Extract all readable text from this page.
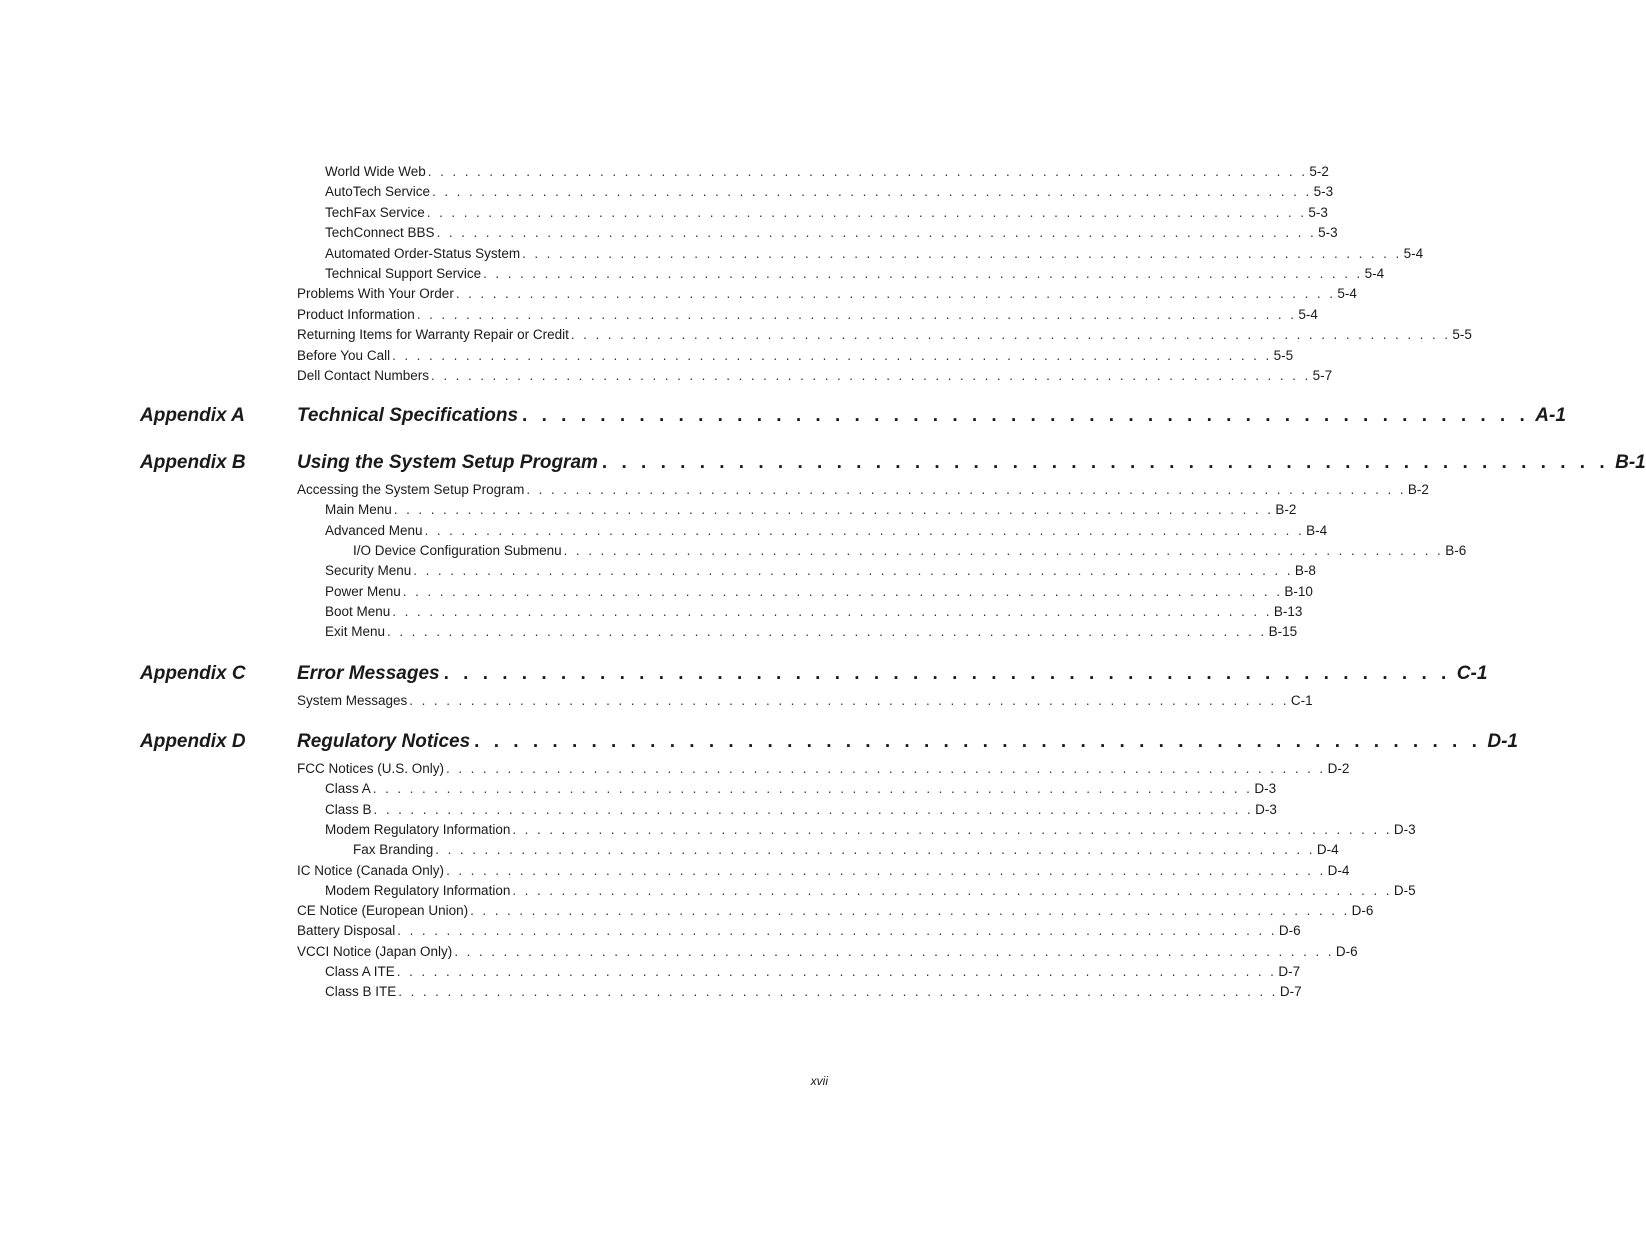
World Wide Web . . . . . . . . . . . . . . . . . . . . . . . . . . . . . . . . . . . . . . . . . . . . . . . . . . . . . . . . . . . . . . . . . . . . . . . . 5-2
AutoTech Service . . . . . . . . . . . . . . . . . . . . . . . . . . . . . . . . . . . . . . . . . . . . . . . . . . . . . . . . . . . . . . . . . . . . . . . . 5-3
TechFax Service . . . . . . . . . . . . . . . . . . . . . . . . . . . . . . . . . . . . . . . . . . . . . . . . . . . . . . . . . . . . . . . . . . . . . . . . 5-3
TechConnect BBS . . . . . . . . . . . . . . . . . . . . . . . . . . . . . . . . . . . . . . . . . . . . . . . . . . . . . . . . . . . . . . . . . . . . . . . . 5-3
Automated Order-Status System . . . . . . . . . . . . . . . . . . . . . . . . . . . . . . . . . . . . . . . . . . . . . . . . . . . . . . . . . . . . . . . . . . . . . . . . 5-4
Technical Support Service . . . . . . . . . . . . . . . . . . . . . . . . . . . . . . . . . . . . . . . . . . . . . . . . . . . . . . . . . . . . . . . . . . . . . . . . 5-4
Problems With Your Order . . . . . . . . . . . . . . . . . . . . . . . . . . . . . . . . . . . . . . . . . . . . . . . . . . . . . . . . . . . . . . . . . . . . . . . . 5-4
Product Information . . . . . . . . . . . . . . . . . . . . . . . . . . . . . . . . . . . . . . . . . . . . . . . . . . . . . . . . . . . . . . . . . . . . . . . . 5-4
Returning Items for Warranty Repair or Credit . . . . . . . . . . . . . . . . . . . . . . . . . . . . . . . . . . . . . . . . . . . . . . . . . . . . . . . . . . . . . . . . . . . . . . . . 5-5
Before You Call . . . . . . . . . . . . . . . . . . . . . . . . . . . . . . . . . . . . . . . . . . . . . . . . . . . . . . . . . . . . . . . . . . . . . . . . 5-5
Dell Contact Numbers . . . . . . . . . . . . . . . . . . . . . . . . . . . . . . . . . . . . . . . . . . . . . . . . . . . . . . . . . . . . . . . . . . . . . . . . 5-7
Appendix A	Technical Specifications . . . . . . . . . . . . . . . . . . . . . . . . . . . . . . . . . . . . . . . . . . . . . . . . . . . . A-1
Appendix B	Using the System Setup Program . . . . . . . . . . . . . . . . . . . . . . . . . . . . . . . . . . . . . . . . . . . . . . . . . . . . B-1
Accessing the System Setup Program . . . . . . . . . . . . . . . . . . . . . . . . . . . . . . . . . . . . . . . . . . . . . . . . . . . . . . . . . . . . . . . . . . . . . . . . B-2
Main Menu . . . . . . . . . . . . . . . . . . . . . . . . . . . . . . . . . . . . . . . . . . . . . . . . . . . . . . . . . . . . . . . . . . . . . . . . B-2
Advanced Menu . . . . . . . . . . . . . . . . . . . . . . . . . . . . . . . . . . . . . . . . . . . . . . . . . . . . . . . . . . . . . . . . . . . . . . . . B-4
I/O Device Configuration Submenu . . . . . . . . . . . . . . . . . . . . . . . . . . . . . . . . . . . . . . . . . . . . . . . . . . . . . . . . . . . . . . . . . . . . . . . . B-6
Security Menu . . . . . . . . . . . . . . . . . . . . . . . . . . . . . . . . . . . . . . . . . . . . . . . . . . . . . . . . . . . . . . . . . . . . . . . . B-8
Power Menu . . . . . . . . . . . . . . . . . . . . . . . . . . . . . . . . . . . . . . . . . . . . . . . . . . . . . . . . . . . . . . . . . . . . . . . . B-10
Boot Menu . . . . . . . . . . . . . . . . . . . . . . . . . . . . . . . . . . . . . . . . . . . . . . . . . . . . . . . . . . . . . . . . . . . . . . . . B-13
Exit Menu . . . . . . . . . . . . . . . . . . . . . . . . . . . . . . . . . . . . . . . . . . . . . . . . . . . . . . . . . . . . . . . . . . . . . . . . B-15
Appendix C	Error Messages . . . . . . . . . . . . . . . . . . . . . . . . . . . . . . . . . . . . . . . . . . . . . . . . . . . . C-1
System Messages . . . . . . . . . . . . . . . . . . . . . . . . . . . . . . . . . . . . . . . . . . . . . . . . . . . . . . . . . . . . . . . . . . . . . . . . C-1
Appendix D	Regulatory Notices . . . . . . . . . . . . . . . . . . . . . . . . . . . . . . . . . . . . . . . . . . . . . . . . . . . . D-1
FCC Notices (U.S. Only) . . . . . . . . . . . . . . . . . . . . . . . . . . . . . . . . . . . . . . . . . . . . . . . . . . . . . . . . . . . . . . . . . . . . . . . . D-2
Class A . . . . . . . . . . . . . . . . . . . . . . . . . . . . . . . . . . . . . . . . . . . . . . . . . . . . . . . . . . . . . . . . . . . . . . . . D-3
Class B . . . . . . . . . . . . . . . . . . . . . . . . . . . . . . . . . . . . . . . . . . . . . . . . . . . . . . . . . . . . . . . . . . . . . . . . D-3
Modem Regulatory Information . . . . . . . . . . . . . . . . . . . . . . . . . . . . . . . . . . . . . . . . . . . . . . . . . . . . . . . . . . . . . . . . . . . . . . . . D-3
Fax Branding . . . . . . . . . . . . . . . . . . . . . . . . . . . . . . . . . . . . . . . . . . . . . . . . . . . . . . . . . . . . . . . . . . . . . . . . D-4
IC Notice (Canada Only) . . . . . . . . . . . . . . . . . . . . . . . . . . . . . . . . . . . . . . . . . . . . . . . . . . . . . . . . . . . . . . . . . . . . . . . . D-4
Modem Regulatory Information . . . . . . . . . . . . . . . . . . . . . . . . . . . . . . . . . . . . . . . . . . . . . . . . . . . . . . . . . . . . . . . . . . . . . . . . D-5
CE Notice (European Union) . . . . . . . . . . . . . . . . . . . . . . . . . . . . . . . . . . . . . . . . . . . . . . . . . . . . . . . . . . . . . . . . . . . . . . . . D-6
Battery Disposal . . . . . . . . . . . . . . . . . . . . . . . . . . . . . . . . . . . . . . . . . . . . . . . . . . . . . . . . . . . . . . . . . . . . . . . . D-6
VCCI Notice (Japan Only) . . . . . . . . . . . . . . . . . . . . . . . . . . . . . . . . . . . . . . . . . . . . . . . . . . . . . . . . . . . . . . . . . . . . . . . . D-6
Class A ITE . . . . . . . . . . . . . . . . . . . . . . . . . . . . . . . . . . . . . . . . . . . . . . . . . . . . . . . . . . . . . . . . . . . . . . . . D-7
Class B ITE . . . . . . . . . . . . . . . . . . . . . . . . . . . . . . . . . . . . . . . . . . . . . . . . . . . . . . . . . . . . . . . . . . . . . . . . D-7
xvii
